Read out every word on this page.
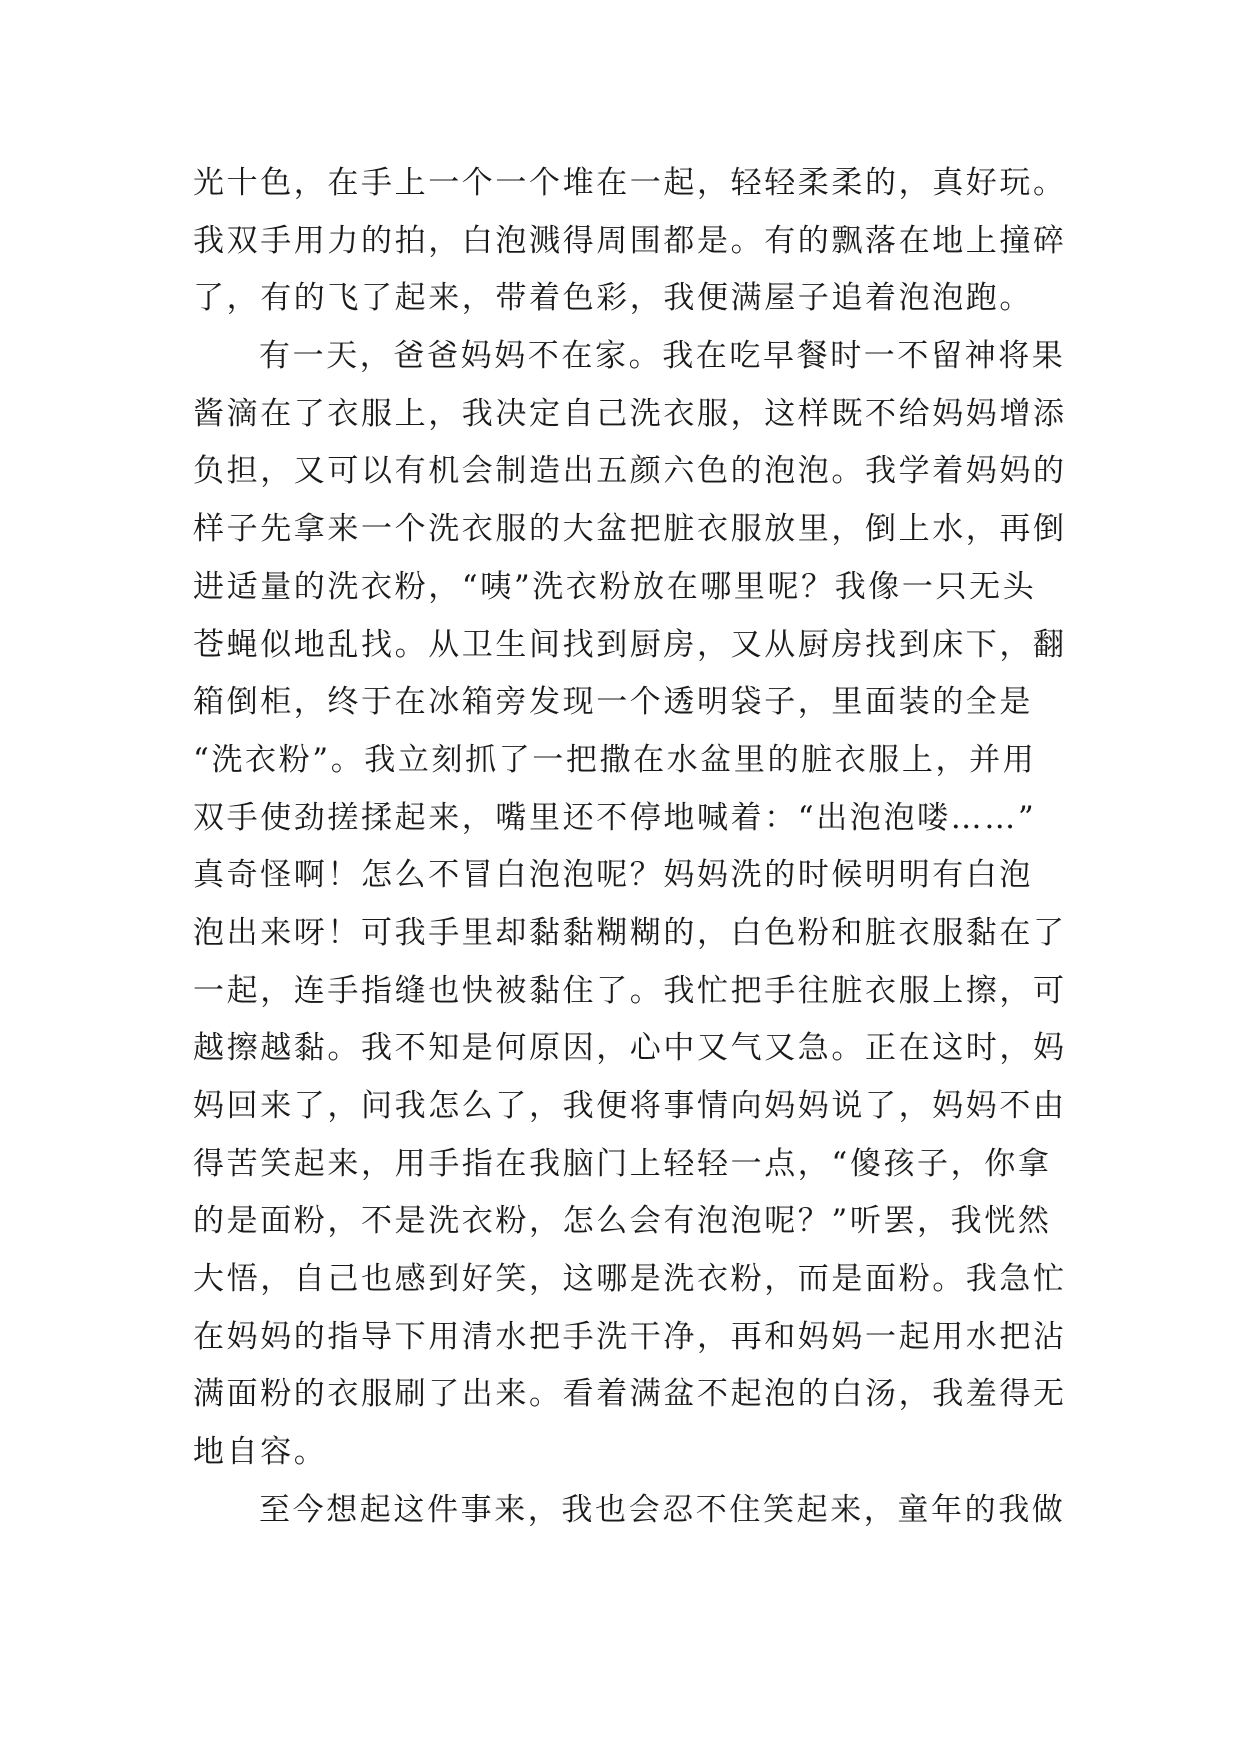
光十色，在手上一个一个堆在一起，轻轻柔柔的，真好玩。
我双手用力的拍，白泡溅得周围都是。有的飘落在地上撞碎
了，有的飞了起来，带着色彩，我便满屋子追着泡泡跑。
有一天，爸爸妈妈不在家。我在吃早餐时一不留神将果
酱滴在了衣服上，我决定自己洗衣服，这样既不给妈妈增添
负担，又可以有机会制造出五颜六色的泡泡。我学着妈妈的
样子先拿来一个洗衣服的大盆把脏衣服放里，倒上水，再倒
进适量的洗衣粉，“咦”洗衣粉放在哪里呢？我像一只无头
苍蝇似地乱找。从卫生间找到厨房，又从厨房找到床下，翻
箱倒柜，终于在冰箱旁发现一个透明袋子，里面装的全是
“洗衣粉”。我立刻抓了一把撒在水盆里的脏衣服上，并用
双手使劲搓揉起来，嘴里还不停地喊着：“出泡泡喽……”
真奇怪啊！怎么不冒白泡泡呢？妈妈洗的时候明明有白泡
泡出来呀！可我手里却黏黏糊糊的，白色粉和脏衣服黏在了
一起，连手指缝也快被黏住了。我忙把手往脏衣服上擦，可
越擦越黏。我不知是何原因，心中又气又急。正在这时，妈
妈回来了，问我怎么了，我便将事情向妈妈说了，妈妈不由
得苦笑起来，用手指在我脑门上轻轻一点，“傻孩子，你拿
的是面粉，不是洗衣粉，怎么会有泡泡呢？”听罢，我恍然
大悟，自己也感到好笑，这哪是洗衣粉，而是面粉。我急忙
在妈妈的指导下用清水把手洗干净，再和妈妈一起用水把沾
满面粉的衣服刷了出来。看着满盆不起泡的白汤，我羞得无
地自容。
至今想起这件事来，我也会忍不住笑起来，童年的我做
